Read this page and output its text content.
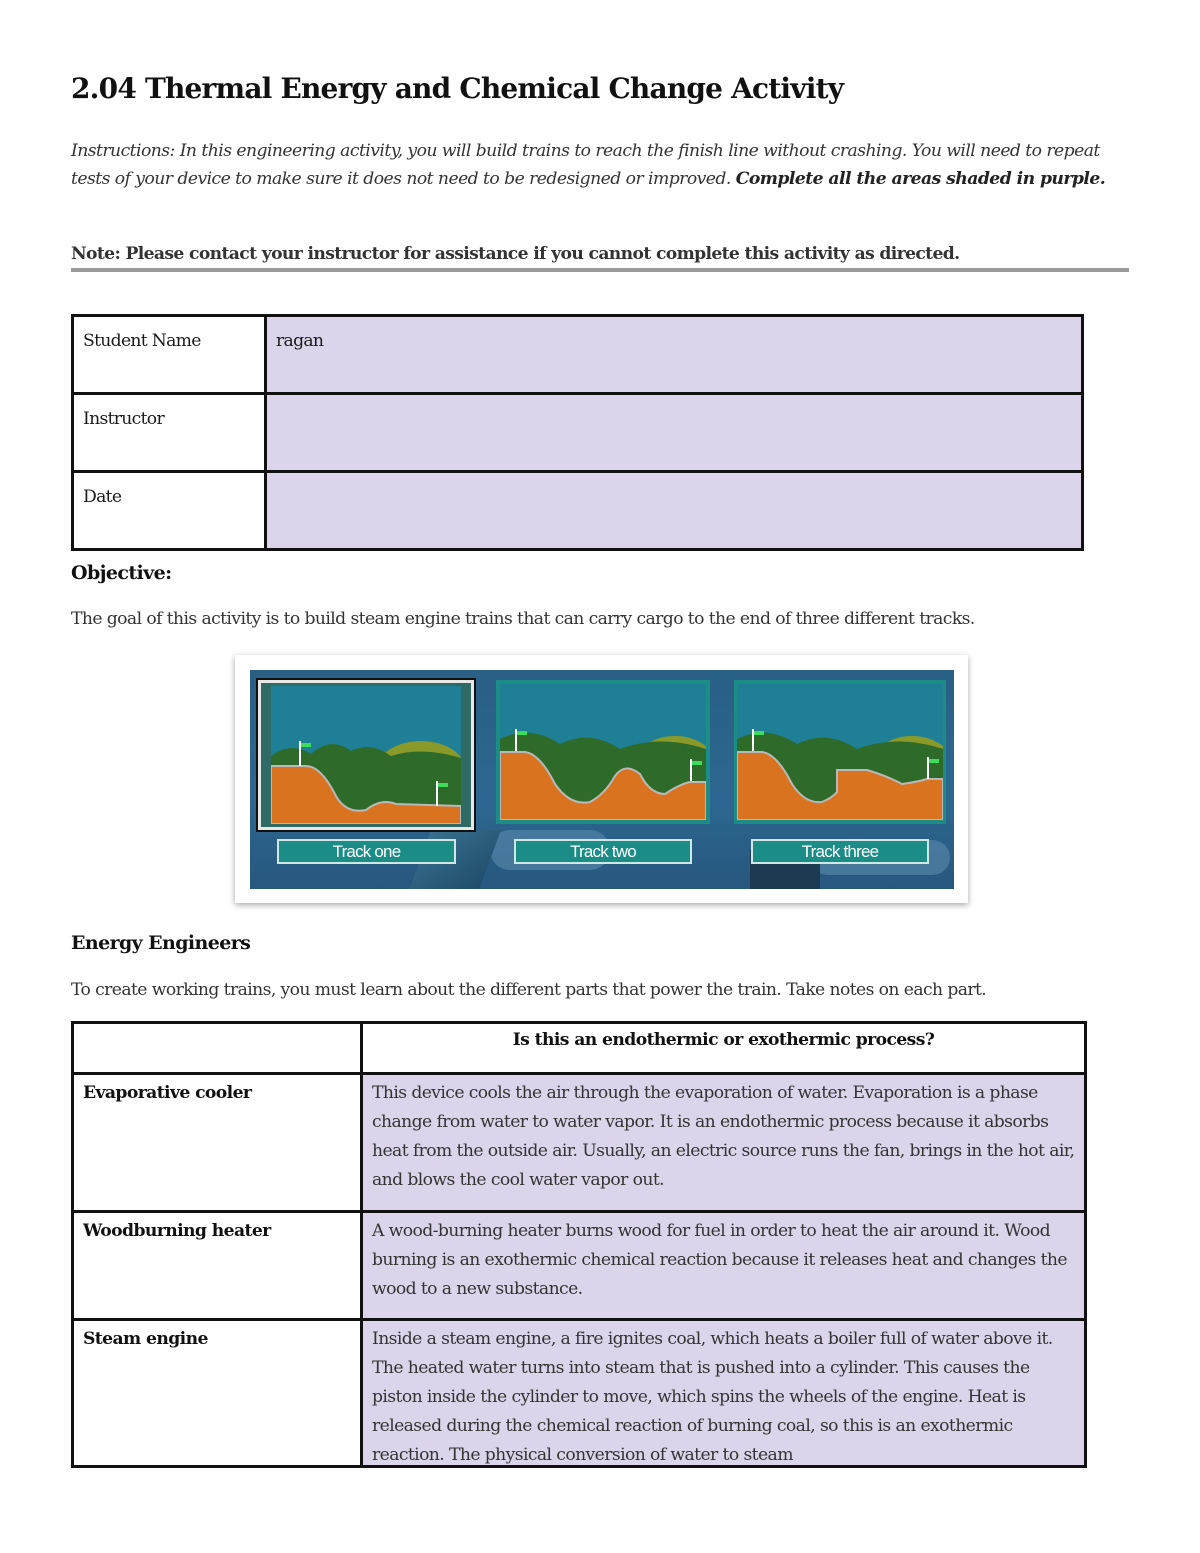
2.04 Thermal Energy and Chemical Change Activity

Instructions: In this engineering activity, you will build trains to reach the finish line without crashing. You will need to repeat tests of your device to make sure it does not need to be redesigned or improved. Complete all the areas shaded in purple.

Note: Please contact your instructor for assistance if you cannot complete this activity as directed.

Student Name	ragan
Instructor	
Date	
Objective:

The goal of this activity is to build steam engine trains that can carry cargo to the end of three different tracks.

Track one	Track two	Track three
Energy Engineers

To create working trains, you must learn about the different parts that power the train. Take notes on each part.

	Is this an endothermic or exothermic process?
Evaporative cooler	This device cools the air through the evaporation of water. Evaporation is a phase change from water to water vapor. It is an endothermic process because it absorbs heat from the outside air. Usually, an electric source runs the fan, brings in the hot air, and blows the cool water vapor out.
Woodburning heater	A wood-burning heater burns wood for fuel in order to heat the air around it. Wood burning is an exothermic chemical reaction because it releases heat and changes the wood to a new substance.
Steam engine	Inside a steam engine, a fire ignites coal, which heats a boiler full of water above it. The heated water turns into steam that is pushed into a cylinder. This causes the piston inside the cylinder to move, which spins the wheels of the engine. Heat is released during the chemical reaction of burning coal, so this is an exothermic reaction. The physical conversion of water to steam
